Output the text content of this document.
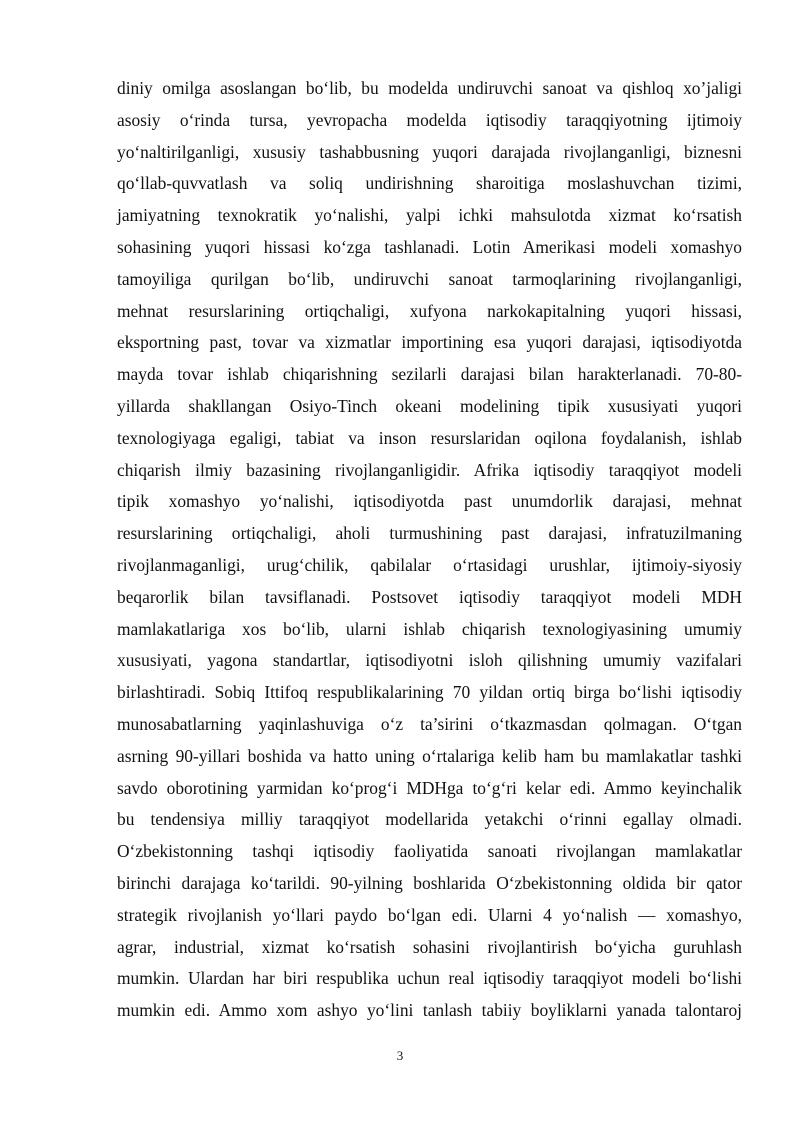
diniy omilga asoslangan bo‘lib, bu modelda undiruvchi sanoat va qishloq xo’jaligi
asosiy o‘rinda tursa, yevropacha modelda iqtisodiy taraqqiyotning ijtimoiy
yo‘naltirilganligi, xususiy tashabbusning yuqori darajada rivojlanganligi, biznesni
qo‘llab-quvvatlash va soliq undirishning sharoitiga moslashuvchan tizimi,
jamiyatning texnokratik yo‘nalishi, yalpi ichki mahsulotda xizmat ko‘rsatish
sohasining yuqori hissasi ko‘zga tashlanadi. Lotin Amerikasi modeli xomashyo
tamoyiliga qurilgan bo‘lib, undiruvchi sanoat tarmoqlarining rivojlanganligi,
mehnat resurslarining ortiqchaligi, xufyona narkokapitalning yuqori hissasi,
eksportning past, tovar va xizmatlar importining esa yuqori darajasi, iqtisodiyotda
mayda tovar ishlab chiqarishning sezilarli darajasi bilan harakterlanadi. 70-80-
yillarda shakllangan Osiyo-Tinch okeani modelining tipik xususiyati yuqori
texnologiyaga egaligi, tabiat va inson resurslaridan oqilona foydalanish, ishlab
chiqarish ilmiy bazasining rivojlanganligidir. Afrika iqtisodiy taraqqiyot modeli
tipik xomashyo yo‘nalishi, iqtisodiyotda past unumdorlik darajasi, mehnat
resurslarining ortiqchaligi, aholi turmushining past darajasi, infratuzilmaning
rivojlanmaganligi, urug‘chilik, qabilalar o‘rtasidagi urushlar, ijtimoiy-siyosiy
beqarorlik bilan tavsiflanadi. Postsovet iqtisodiy taraqqiyot modeli MDH
mamlakatlariga xos bo‘lib, ularni ishlab chiqarish texnologiyasining umumiy
xususiyati, yagona standartlar, iqtisodiyotni isloh qilishning umumiy vazifalari
birlashtiradi. Sobiq Ittifoq respublikalarining 70 yildan ortiq birga bo‘lishi iqtisodiy
munosabatlarning yaqinlashuviga o‘z ta’sirini o‘tkazmasdan qolmagan. O‘tgan
asrning 90-yillari boshida va hatto uning o‘rtalariga kelib ham bu mamlakatlar tashki
savdo oborotining yarmidan ko‘prog‘i MDHga to‘g‘ri kelar edi. Ammo keyinchalik
bu tendensiya milliy taraqqiyot modellarida yetakchi o‘rinni egallay olmadi.
O‘zbekistonning tashqi iqtisodiy faoliyatida sanoati rivojlangan mamlakatlar
birinchi darajaga ko‘tarildi. 90-yilning boshlarida O‘zbekistonning oldida bir qator
strategik rivojlanish yo‘llari paydo bo‘lgan edi. Ularni 4 yo‘nalish — xomashyo,
agrar, industrial, xizmat ko‘rsatish sohasini rivojlantirish bo‘yicha guruhlash
mumkin. Ulardan har biri respublika uchun real iqtisodiy taraqqiyot modeli bo‘lishi
mumkin edi. Ammo xom ashyo yo‘lini tanlash tabiiy boyliklarni yanada talontaroj
3
